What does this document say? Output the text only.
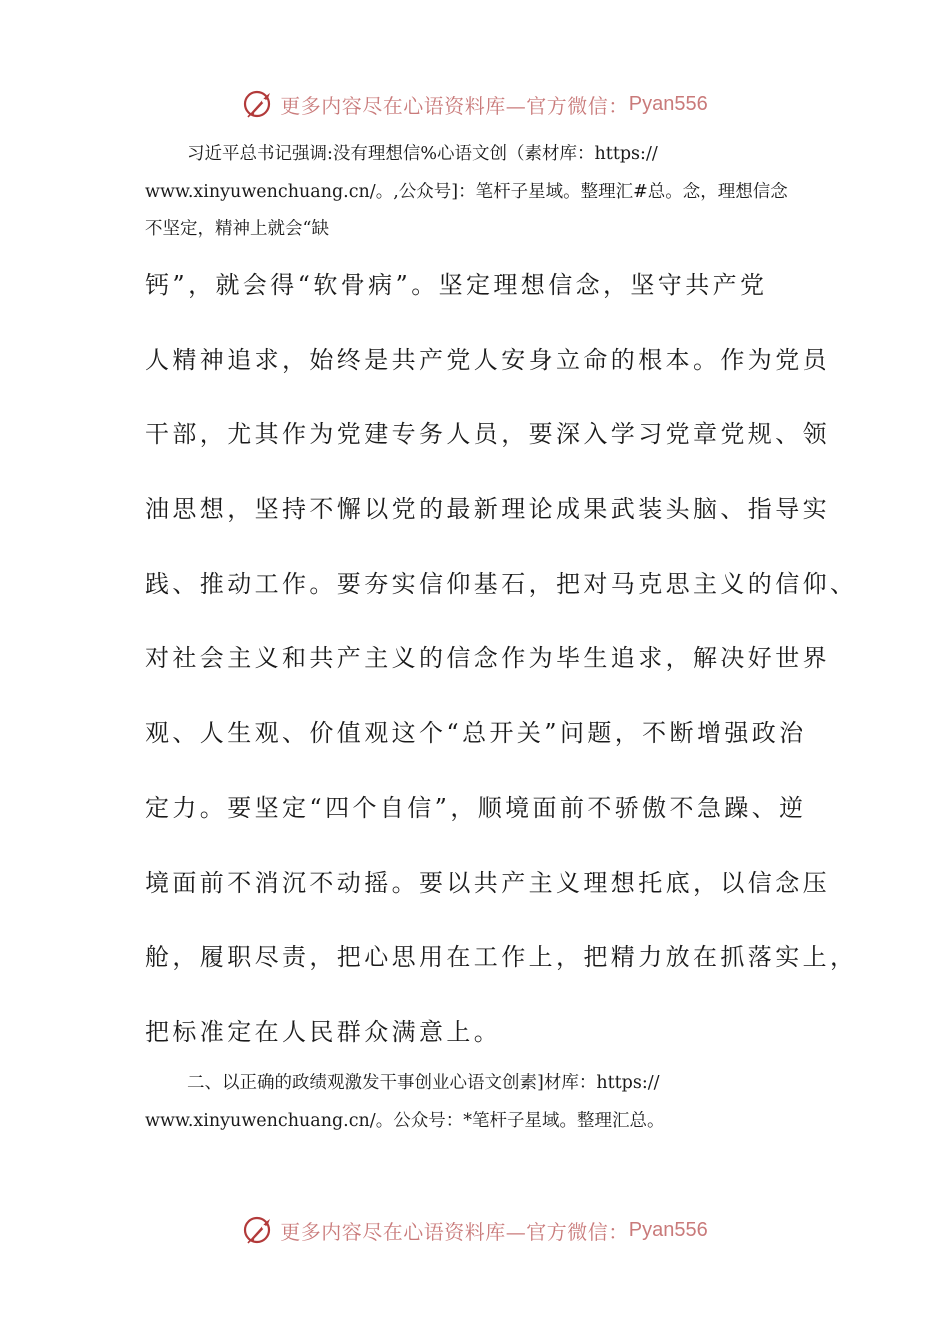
更多内容尽在心语资料库—官方微信： Pyan556
习近平总书记强调:没有理想信%心语文创（素材库：https://
www.xinyuwenchuang.cn/。,公众号]：笔杆子星域。整理汇#总。念，理想信念
不坚定，精神上就会“缺
钙”，就会得“软骨病”。坚定理想信念，坚守共产党
人精神追求，始终是共产党人安身立命的根本。作为党员
干部，尤其作为党建专务人员，要深入学习党章党规、领
油思想，坚持不懈以党的最新理论成果武装头脑、指导实
践、推动工作。要夯实信仰基石，把对马克思主义的信仰、
对社会主义和共产主义的信念作为毕生追求，解决好世界
观、人生观、价值观这个“总开关”问题，不断增强政治
定力。要坚定“四个自信”，顺境面前不骄傲不急躁、逆
境面前不消沉不动摇。要以共产主义理想托底，以信念压
舱，履职尽责，把心思用在工作上，把精力放在抓落实上，
把标准定在人民群众满意上。
二、以正确的政绩观激发干事创业心语文创素]材库：https://
www.xinyuwenchuang.cn/。公众号：*笔杆子星域。整理汇总。
更多内容尽在心语资料库—官方微信： Pyan556
